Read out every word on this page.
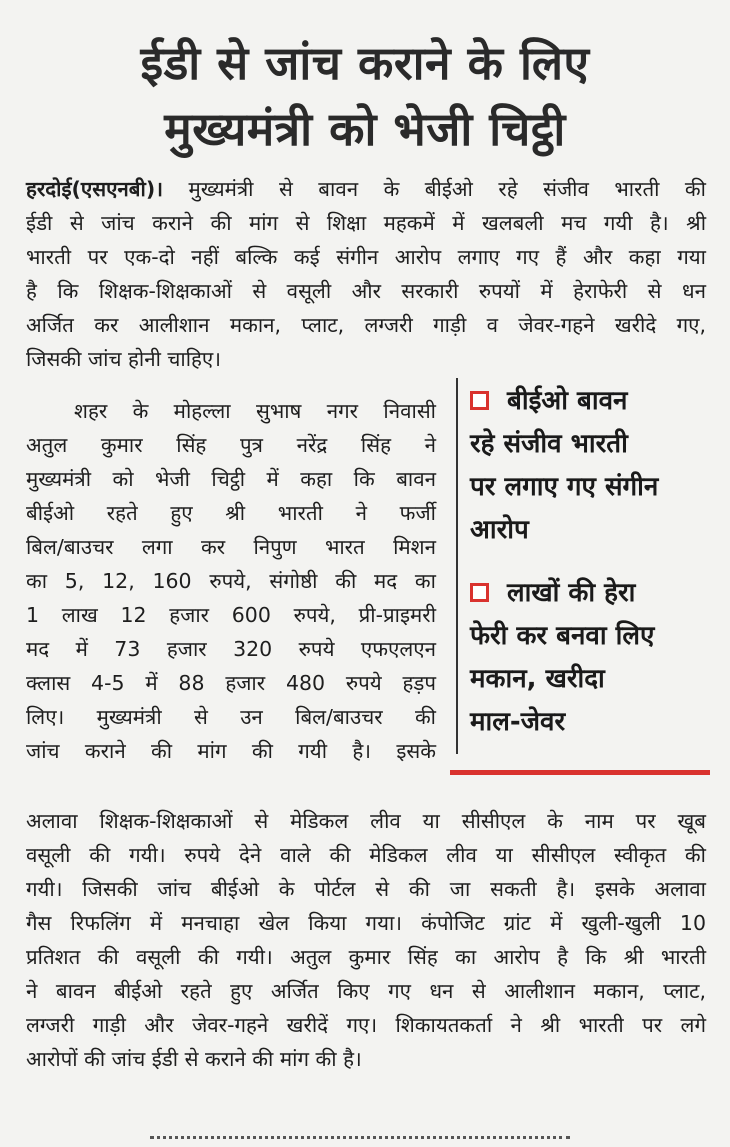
ईडी से जांच कराने के लिए
मुख्यमंत्री को भेजी चिट्ठी
हरदोई(एसएनबी)। मुख्यमंत्री से बावन के बीईओ रहे संजीव भारती की
ईडी से जांच कराने की मांग से शिक्षा महकमें में खलबली मच गयी है। श्री
भारती पर एक-दो नहीं बल्कि कई संगीन आरोप लगाए गए हैं और कहा गया
है कि शिक्षक-शिक्षकाओं से वसूली और सरकारी रुपयों में हेराफेरी से धन
अर्जित कर आलीशान मकान, प्लाट, लग्जरी गाड़ी व जेवर-गहने खरीदे गए,
जिसकी जांच होनी चाहिए।
शहर के मोहल्ला सुभाष नगर निवासी
अतुल कुमार सिंह पुत्र नरेंद्र सिंह ने
मुख्यमंत्री को भेजी चिट्ठी में कहा कि बावन
बीईओ रहते हुए श्री भारती ने फर्जी
बिल/बाउचर लगा कर निपुण भारत मिशन
का 5, 12, 160 रुपये, संगोष्ठी की मद का
1 लाख 12 हजार 600 रुपये, प्री-प्राइमरी
मद में 73 हजार 320 रुपये एफएलएन
क्लास 4-5 में 88 हजार 480 रुपये हड़प
लिए। मुख्यमंत्री से उन बिल/बाउचर की
जांच कराने की मांग की गयी है। इसके
बीईओ बावन
रहे संजीव भारती
पर लगाए गए संगीन
आरोप
लाखों की हेरा
फेरी कर बनवा लिए
मकान, खरीदा
माल-जेवर
अलावा शिक्षक-शिक्षकाओं से मेडिकल लीव या सीसीएल के नाम पर खूब
वसूली की गयी। रुपये देने वाले की मेडिकल लीव या सीसीएल स्वीकृत की
गयी। जिसकी जांच बीईओ के पोर्टल से की जा सकती है। इसके अलावा
गैस रिफलिंग में मनचाहा खेल किया गया। कंपोजिट ग्रांट में खुली-खुली 10
प्रतिशत की वसूली की गयी। अतुल कुमार सिंह का आरोप है कि श्री भारती
ने बावन बीईओ रहते हुए अर्जित किए गए धन से आलीशान मकान, प्लाट,
लग्जरी गाड़ी और जेवर-गहने खरीदें गए। शिकायतकर्ता ने श्री भारती पर लगे
आरोपों की जांच ईडी से कराने की मांग की है।
